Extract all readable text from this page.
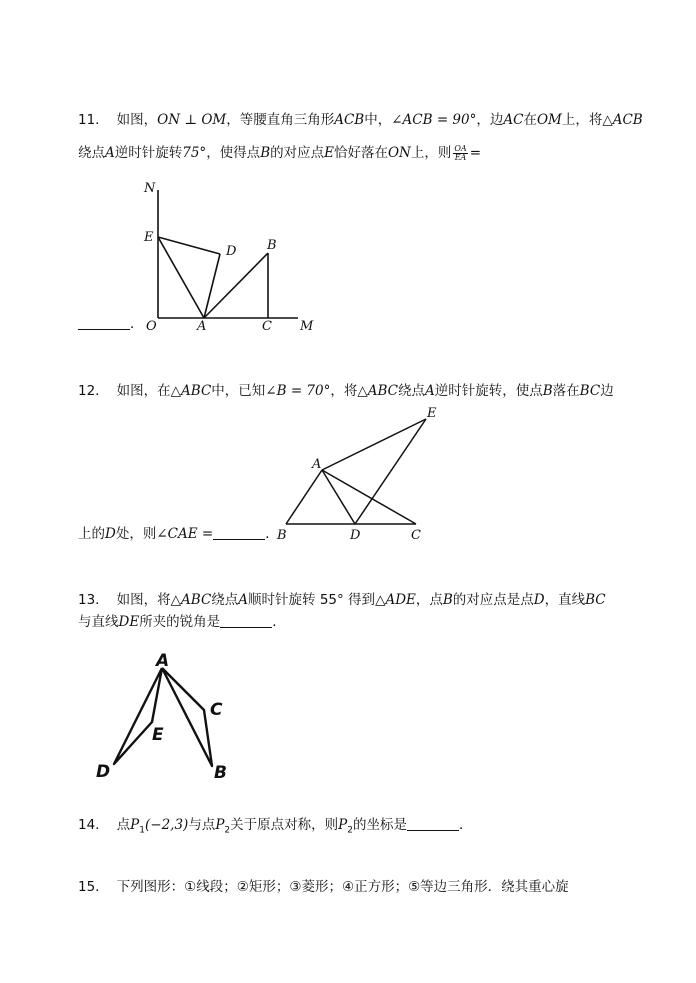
11. 如图，ON ⊥ OM，等腰直角三角形ACB中，∠ACB = 90°，边AC在OM上，将△ACB
绕点A逆时针旋转75°，使得点B的对应点E恰好落在ON上，则 $\frac{OA}{EA}$ =
．
12. 如图，在△ABC中，已知∠B = 70°，将△ABC绕点A逆时针旋转，使点B落在BC边
上的D处，则∠CAE =	．
13. 如图，将△ABC绕点A顺时针旋转 55° 得到△ADE，点B的对应点是点D，直线BC
与直线DE所夹的锐角是	.
14. 点$P_1(-2,3)$与点$P_2$关于原点对称，则$P_2$的坐标是	．
15. 下列图形：①线段；②矩形；③菱形；④正方形；⑤等边三角形．绕其重心旋
N
E
D B
O	A	C M
E
A
B	D	C
A
C
E
D	B
